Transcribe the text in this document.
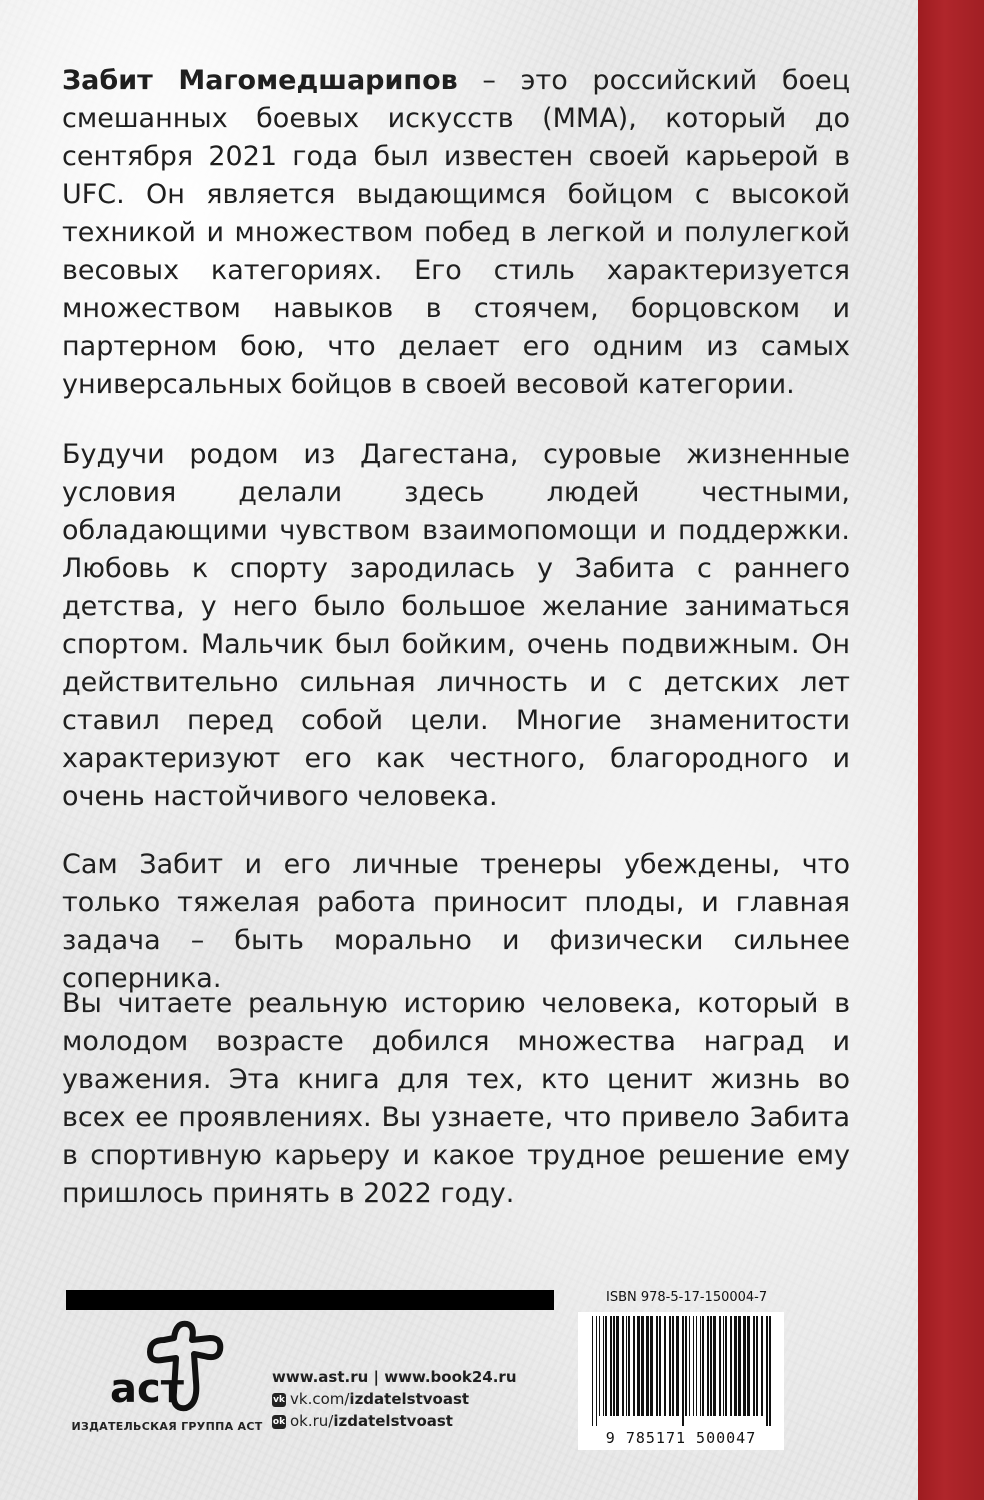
Забит Магомедшарипов – это российский боец смешанных боевых искусств (ММА), который до сентября 2021 года был известен своей карьерой в UFC. Он является выдающимся бойцом с высокой техникой и множеством побед в легкой и полулегкой весовых категориях. Его стиль характеризуется множеством навыков в стоячем, борцовском и партерном бою, что делает его одним из самых универсальных бойцов в своей весовой категории.

Будучи родом из Дагестана, суровые жизненные условия делали здесь людей честными, обладающими чувством взаимопомощи и поддержки. Любовь к спорту зародилась у Забита с раннего детства, у него было большое желание заниматься спортом. Мальчик был бойким, очень подвижным. Он действительно сильная личность и с детских лет ставил перед собой цели. Многие знаменитости характеризуют его как честного, благородного и очень настойчивого человека.

Сам Забит и его личные тренеры убеждены, что только тяжелая работа приносит плоды, и главная задача – быть морально и физически сильнее соперника.

Вы читаете реальную историю человека, который в молодом возрасте добился множества наград и уважения. Эта книга для тех, кто ценит жизнь во всех ее проявлениях. Вы узнаете, что привело Забита в спортивную карьеру и какое трудное решение ему пришлось принять в 2022 году.

аст
ИЗДАТЕЛЬСКАЯ ГРУППА АСТ
www.ast.ru | www.book24.ru
vk vk.com/izdatelstvoast
ok ok.ru/izdatelstvoast
ISBN 978-5-17-150004-7
9 785171 500047
